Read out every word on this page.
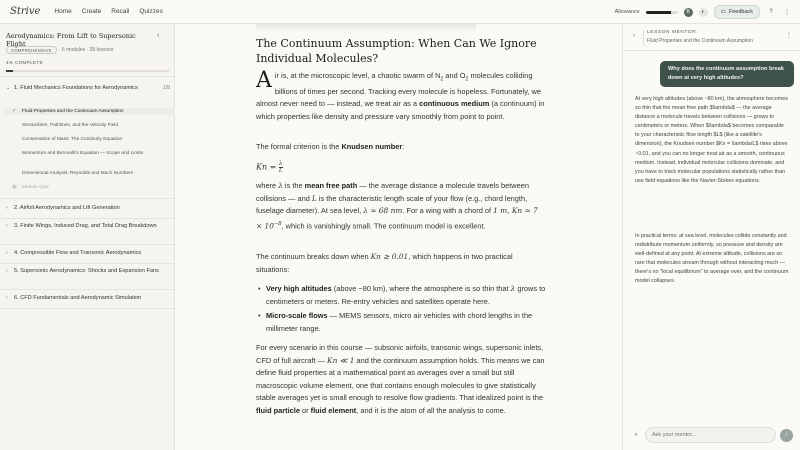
Strive Home Create Recall Quizzes	Allowance	B	◐	▭ Feedback	?	⋮
Aerodynamics: From Lift to Supersonic Flight
‹
COMPREHENSIVE	6 modules · 28 lessons
4% COMPLETE
⌄ 1. Fluid Mechanics Foundations for Aerodynamics	1/5
✓	Fluid Properties and the Continuum Assumption
Streamlines, Pathlines, and the Velocity Field
Conservation of Mass: The Continuity Equation
Momentum and Bernoulli's Equation — Scope and Limits
Dimensional Analysis: Reynolds and Mach Numbers
▣	Module Quiz
›	2. Airfoil Aerodynamics and Lift Generation
›	3. Finite Wings, Induced Drag, and Total Drag Breakdown
›	4. Compressible Flow and Transonic Aerodynamics
›	5. Supersonic Aerodynamics: Shocks and Expansion Fans
›	6. CFD Fundamentals and Aerodynamic Simulation
The Continuum Assumption: When Can We Ignore Individual Molecules?
Air is, at the microscopic level, a chaotic swarm of $N_2$ and $O_2$ molecules colliding billions of times per second. Tracking every molecule is hopeless. Fortunately, we almost never need to — instead, we treat air as a continuous medium (a continuum) in which properties like density and pressure vary smoothly from point to point.
The formal criterion is the Knudsen number:
$Kn = \frac{\lambda}{L}$
where λ is the mean free path — the average distance a molecule travels between collisions — and L is the characteristic length scale of your flow (e.g., chord length, fuselage diameter). At sea level, λ ≈ 68 nm. For a wing with a chord of 1 m, $Kn \approx 7 \times 10^{-8}$, which is vanishingly small. The continuum model is excellent.
The continuum breaks down when Kn ≳ 0.01, which happens in two practical situations:
• Very high altitudes (above ~80 km), where the atmosphere is so thin that λ grows to centimeters or meters. Re-entry vehicles and satellites operate here.
• Micro-scale flows — MEMS sensors, micro air vehicles with chord lengths in the millimeter range.
For every scenario in this course — subsonic airfoils, transonic wings, supersonic inlets, CFD of full aircraft — Kn ≪ 1 and the continuum assumption holds. This means we can define fluid properties at a mathematical point as averages over a small but still macroscopic volume element, one that contains enough molecules to give statistically stable averages yet is small enough to resolve flow gradients. That idealized point is the fluid particle or fluid element, and it is the atom of all the analysis to come.
›
LESSON MENTOR
Fluid Properties and the Continuum Assumption
⋮
Why does the continuum assumption break down at very high altitudes?
At very high altitudes (above ~80 km), the atmosphere becomes so thin that the mean free path $\lambda$ — the average distance a molecule travels between collisions — grows to centimeters or meters. When $\lambda$ becomes comparable to your characteristic flow length $L$ (like a satellite's dimension), the Knudsen number $Kn = \lambda/L$ rises above ~0.01, and you can no longer treat air as a smooth, continuous medium. Instead, individual molecular collisions dominate, and you have to track molecular populations statistically rather than use field equations like the Navier-Stokes equations.
In practical terms: at sea level, molecules collide constantly and redistribute momentum uniformly, so pressure and density are well-defined at any point. At extreme altitude, collisions are so rare that molecules stream through without interacting much — there's no "local equilibrium" to average over, and the continuum model collapses.
⌕
Ask your mentor...	↑
